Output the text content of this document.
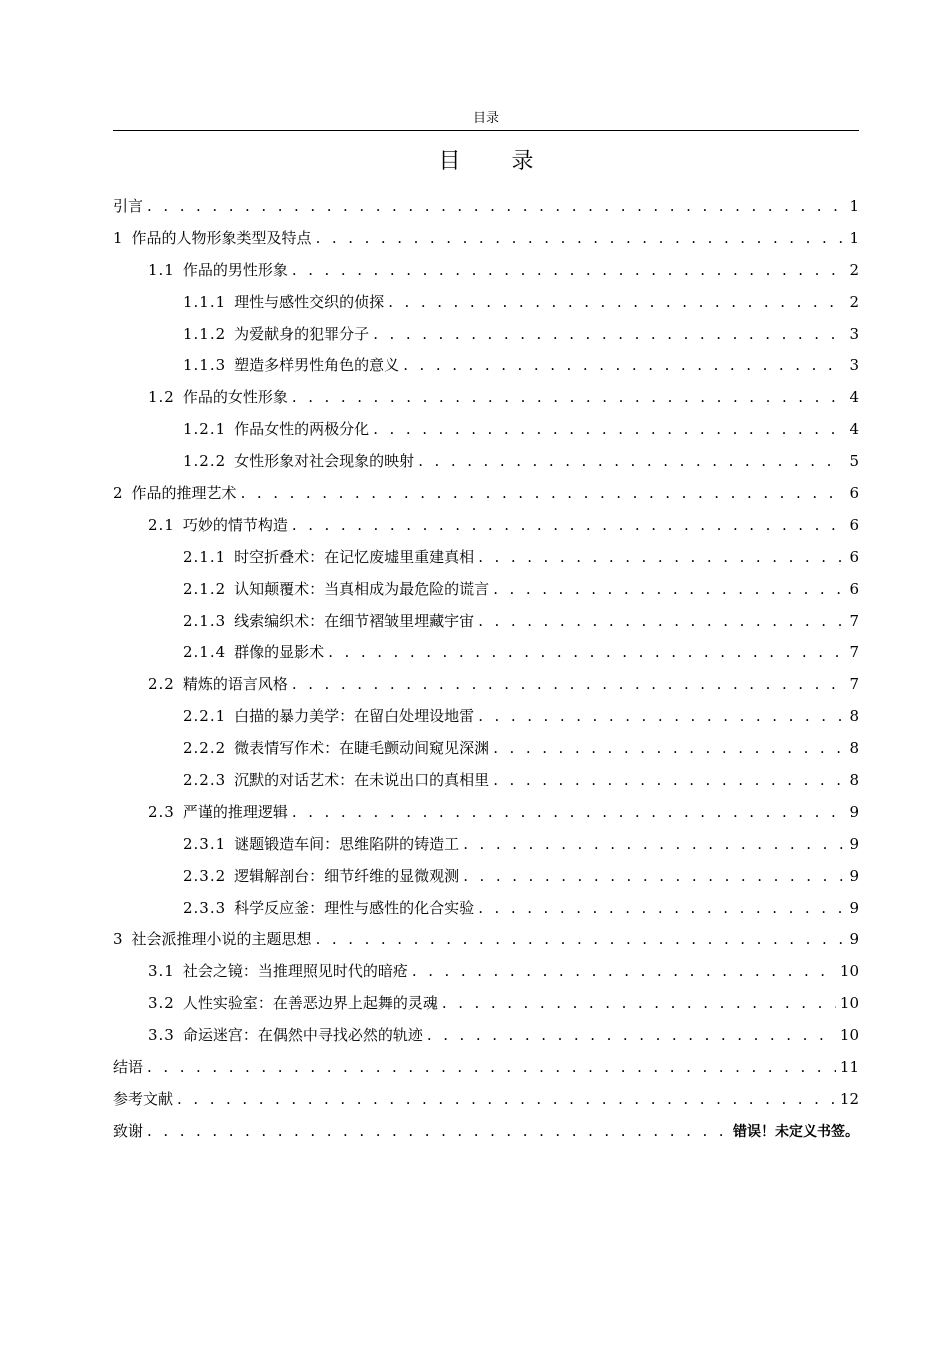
目录
目 录
引言 . . .	1
1 作品的人物形象类型及特点 . . .	1
1.1 作品的男性形象 . . .	2
1.1.1 理性与感性交织的侦探 . . .	2
1.1.2 为爱献身的犯罪分子 . . .	3
1.1.3 塑造多样男性角色的意义 . . .	3
1.2 作品的女性形象 . . .	4
1.2.1 作品女性的两极分化 . . .	4
1.2.2 女性形象对社会现象的映射 . . .	5
2 作品的推理艺术 . . .	6
2.1 巧妙的情节构造 . . .	6
2.1.1 时空折叠术：在记忆废墟里重建真相 . . .	6
2.1.2 认知颠覆术：当真相成为最危险的谎言 . . .	6
2.1.3 线索编织术：在细节褶皱里埋藏宇宙 . . .	7
2.1.4 群像的显影术 . . .	7
2.2 精炼的语言风格 . . .	7
2.2.1 白描的暴力美学：在留白处埋设地雷 . . .	8
2.2.2 微表情写作术：在睫毛颤动间窥见深渊 . . .	8
2.2.3 沉默的对话艺术：在未说出口的真相里 . . .	8
2.3 严谨的推理逻辑 . . .	9
2.3.1 谜题锻造车间：思维陷阱的铸造工 . . .	9
2.3.2 逻辑解剖台：细节纤维的显微观测 . . .	9
2.3.3 科学反应釜：理性与感性的化合实验 . . .	9
3 社会派推理小说的主题思想 . . .	9
3.1 社会之镜：当推理照见时代的暗疮 . . .	10
3.2 人性实验室：在善恶边界上起舞的灵魂 . . .	10
3.3 命运迷宫：在偶然中寻找必然的轨迹 . . .	10
结语 . . .	11
参考文献 . . .	12
致谢 . . .	错误！未定义书签。
